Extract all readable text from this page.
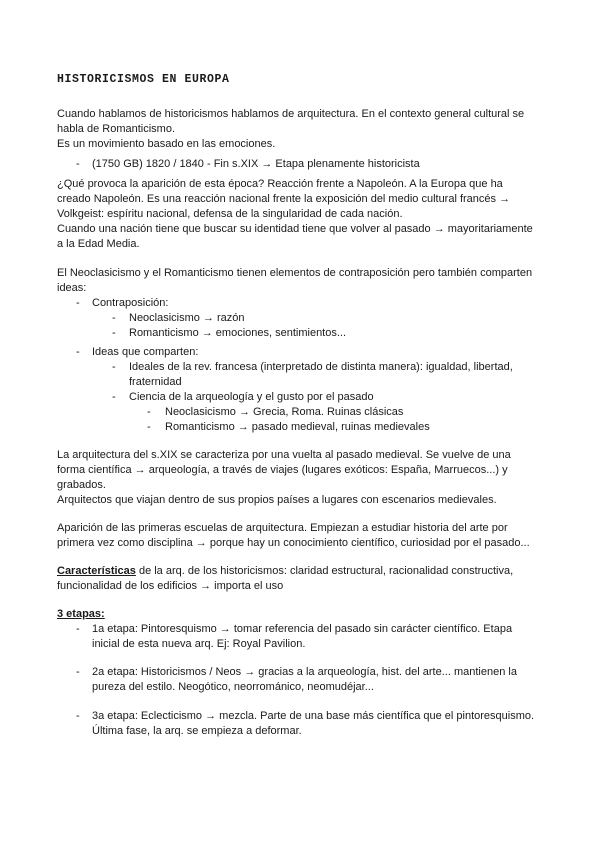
HISTORICISMOS EN EUROPA
Cuando hablamos de historicismos hablamos de arquitectura. En el contexto general cultural se
habla de Romanticismo.
Es un movimiento basado en las emociones.
- (1750 GB) 1820 / 1840 - Fin s.XIX → Etapa plenamente historicista
¿Qué provoca la aparición de esta época? Reacción frente a Napoleón. A la Europa que ha
creado Napoleón. Es una reacción nacional frente la exposición del medio cultural francés →
Volkgeist: espíritu nacional, defensa de la singularidad de cada nación.
Cuando una nación tiene que buscar su identidad tiene que volver al pasado → mayoritariamente
a la Edad Media.
El Neoclasicismo y el Romanticismo tienen elementos de contraposición pero también comparten
ideas:
- Contraposición:
- Neoclasicismo → razón
- Romanticismo → emociones, sentimientos...
- Ideas que comparten:
- Ideales de la rev. francesa (interpretado de distinta manera): igualdad, libertad,
fraternidad
- Ciencia de la arqueología y el gusto por el pasado
- Neoclasicismo → Grecia, Roma. Ruinas clásicas
- Romanticismo → pasado medieval, ruinas medievales
La arquitectura del s.XIX se caracteriza por una vuelta al pasado medieval. Se vuelve de una
forma científica → arqueología, a través de viajes (lugares exóticos: España, Marruecos...) y
grabados.
Arquitectos que viajan dentro de sus propios países a lugares con escenarios medievales.
Aparición de las primeras escuelas de arquitectura. Empiezan a estudiar historia del arte por
primera vez como disciplina → porque hay un conocimiento científico, curiosidad por el pasado...
Características de la arq. de los historicismos: claridad estructural, racionalidad constructiva,
funcionalidad de los edificios → importa el uso
3 etapas:
- 1a etapa: Pintoresquismo → tomar referencia del pasado sin carácter científico. Etapa
inicial de esta nueva arq. Ej: Royal Pavilion.
- 2a etapa: Historicismos / Neos → gracias a la arqueología, hist. del arte... mantienen la
pureza del estilo. Neogótico, neorrománico, neomudéjar...
- 3a etapa: Eclecticismo → mezcla. Parte de una base más científica que el pintoresquismo.
Última fase, la arq. se empieza a deformar.
